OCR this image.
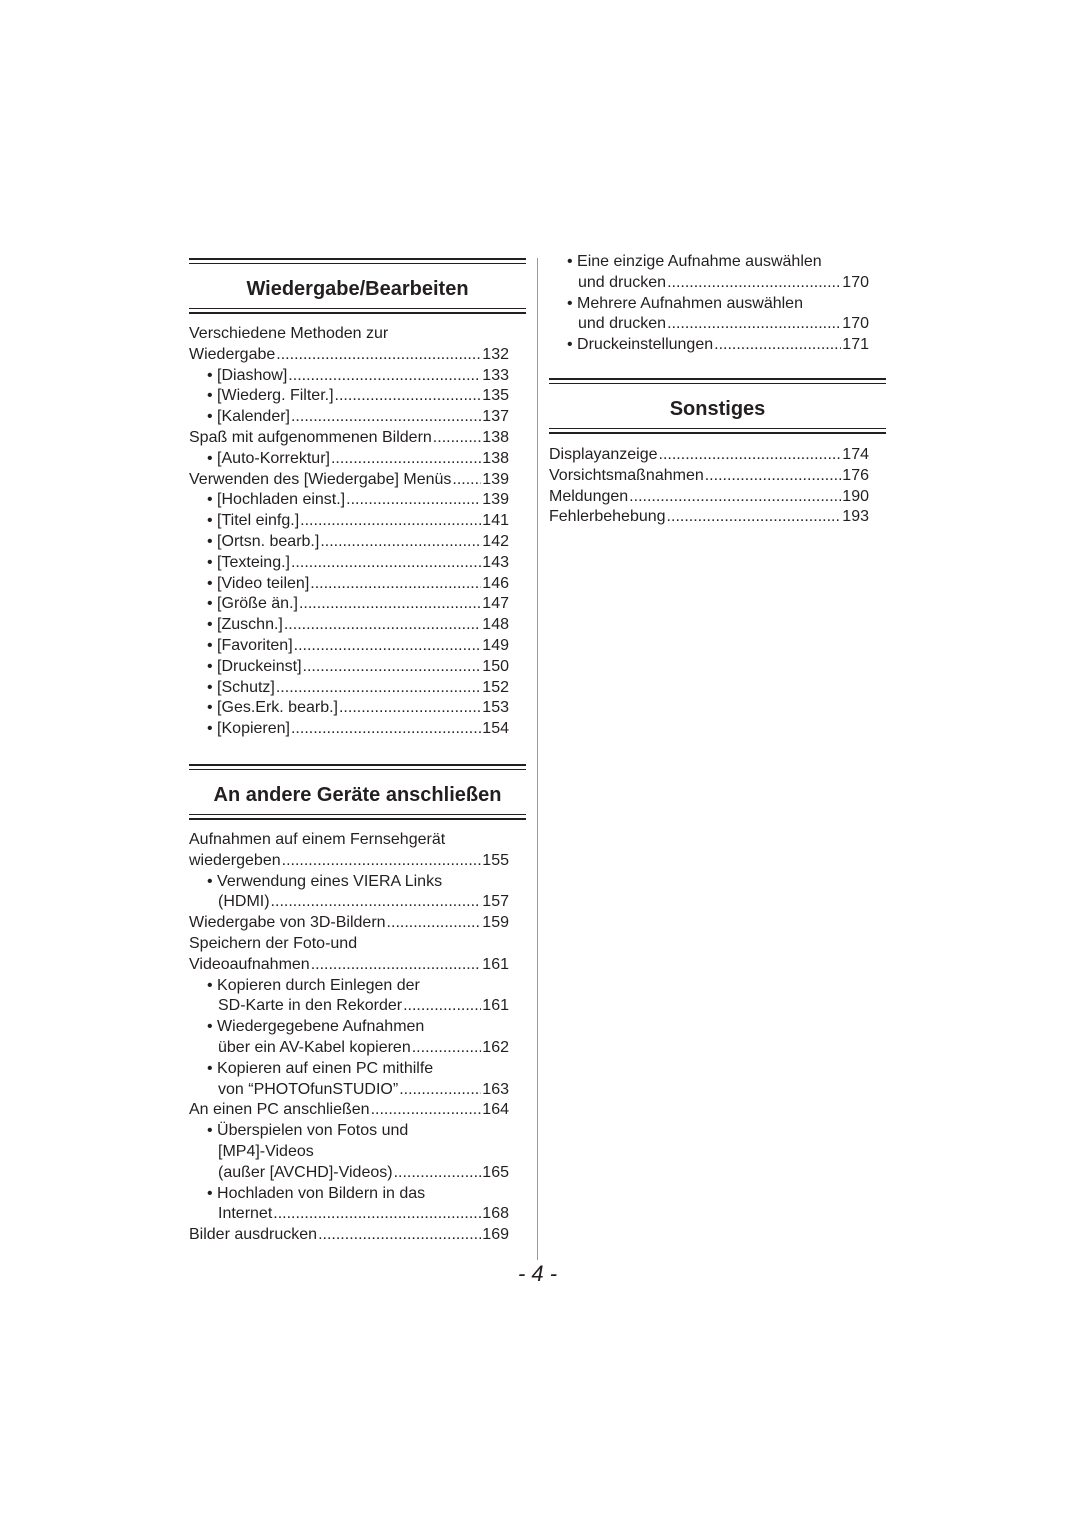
Wiedergabe/Bearbeiten
Verschiedene Methoden zur
Wiedergabe .....	132
• [Diashow] .....	133
• [Wiederg. Filter.] .....	135
• [Kalender] .....	137
Spaß mit aufgenommenen Bildern .....	138
• [Auto-Korrektur] .....	138
Verwenden des [Wiedergabe] Menüs ..... 139
• [Hochladen einst.] .....	139
• [Titel einfg.] .....	141
• [Ortsn. bearb.] .....	142
• [Texteing.] .....	143
• [Video teilen] .....	146
• [Größe än.] .....	147
• [Zuschn.] .....	148
• [Favoriten] .....	149
• [Druckeinst] .....	150
• [Schutz] .....	152
• [Ges.Erk. bearb.] .....	153
• [Kopieren] .....	154
An andere Geräte anschließen
Aufnahmen auf einem Fernsehgerät
wiedergeben .....	155
• Verwendung eines VIERA Links
(HDMI) .....	157
Wiedergabe von 3D-Bildern .....	159
Speichern der Foto-und
Videoaufnahmen .....	161
• Kopieren durch Einlegen der
SD-Karte in den Rekorder .....	161
• Wiedergegebene Aufnahmen
über ein AV-Kabel kopieren .....	162
• Kopieren auf einen PC mithilfe
von “PHOTOfunSTUDIO” .....	163
An einen PC anschließen .....	164
• Überspielen von Fotos und
[MP4]-Videos
(außer [AVCHD]-Videos) .....	165
• Hochladen von Bildern in das
Internet .....	168
Bilder ausdrucken .....	169
• Eine einzige Aufnahme auswählen
und drucken .....	170
• Mehrere Aufnahmen auswählen
und drucken .....	170
• Druckeinstellungen .....	171
Sonstiges
Displayanzeige .....	174
Vorsichtsmaßnahmen .....	176
Meldungen .....	190
Fehlerbehebung .....	193
- 4 -
